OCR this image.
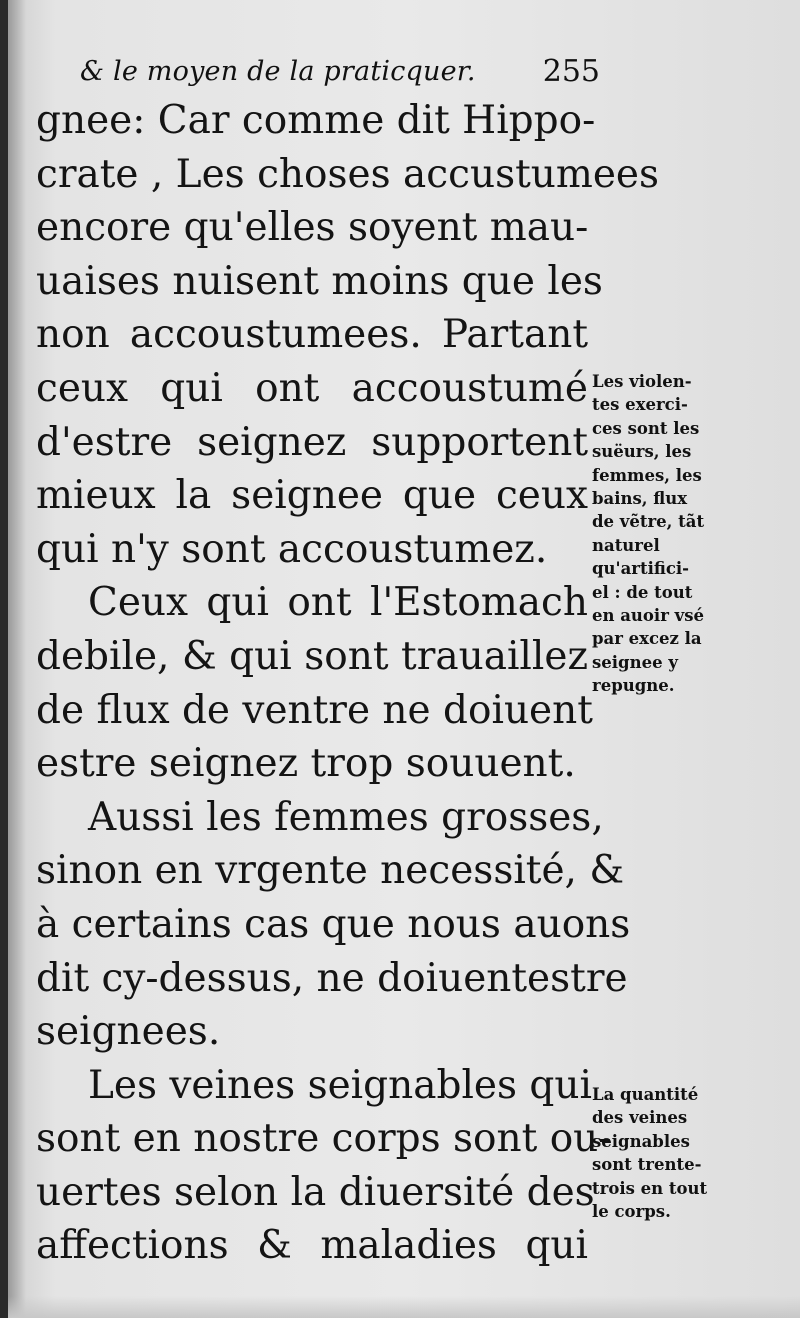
& le moyen de la praticquer. 255
gnee: Car comme dit Hippo-
crate , Les choses accustumees
encore qu'elles soyent mau-
uaises nuisent moins que les
non accoustumees. Partant
ceux qui ont accoustumé
d'estre seignez supportent
mieux la seignee que ceux
qui n'y sont accoustumez.
Ceux qui ont l'Estomach
debile, & qui sont trauaillez
de flux de ventre ne doiuent
estre seignez trop souuent.
Aussi les femmes grosses,
sinon en vrgente necessité, &
à certains cas que nous auons
dit cy-dessus, ne doiuentestre
seignees.
Les veines seignables qui
sont en nostre corps sont ou-
uertes selon la diuersité des
affections & maladies qui
Les violen-
tes exerci-
ces sont les
suëurs, les
femmes, les
bains, flux
de vẽtre, tãt
naturel
qu'artifici-
el : de tout
en auoir vsé
par excez la
seignee y
repugne.
La quantité
des veines
seignables
sont trente-
trois en tout
le corps.
